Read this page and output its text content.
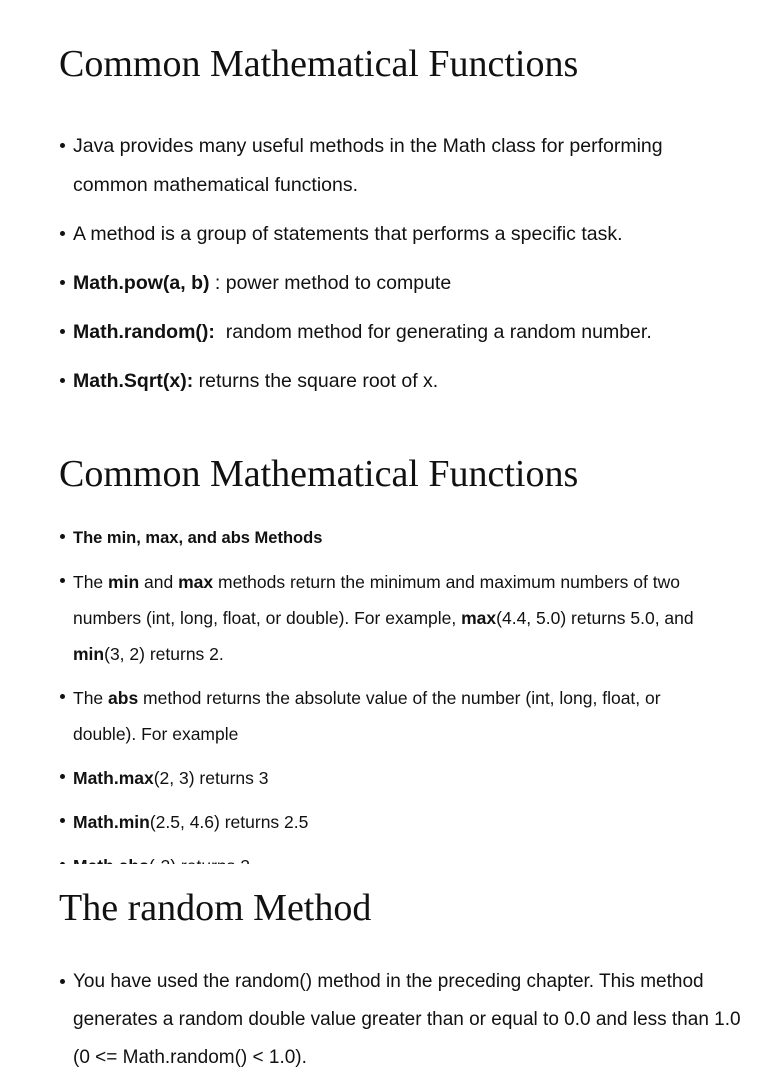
Common Mathematical Functions
Java provides many useful methods in the Math class for performing common mathematical functions.
A method is a group of statements that performs a specific task.
Math.pow(a, b) : power method to compute
Math.random():  random method for generating a random number.
Math.Sqrt(x): returns the square root of x.
Common Mathematical Functions
The min, max, and abs Methods
The min and max methods return the minimum and maximum numbers of two numbers (int, long, float, or double). For example, max(4.4, 5.0) returns 5.0, and min(3, 2) returns 2.
The abs method returns the absolute value of the number (int, long, float, or double). For example
Math.max(2, 3) returns 3
Math.min(2.5, 4.6) returns 2.5
The random Method
You have used the random() method in the preceding chapter. This method generates a random double value greater than or equal to 0.0 and less than 1.0 (0 <= Math.random() < 1.0).
